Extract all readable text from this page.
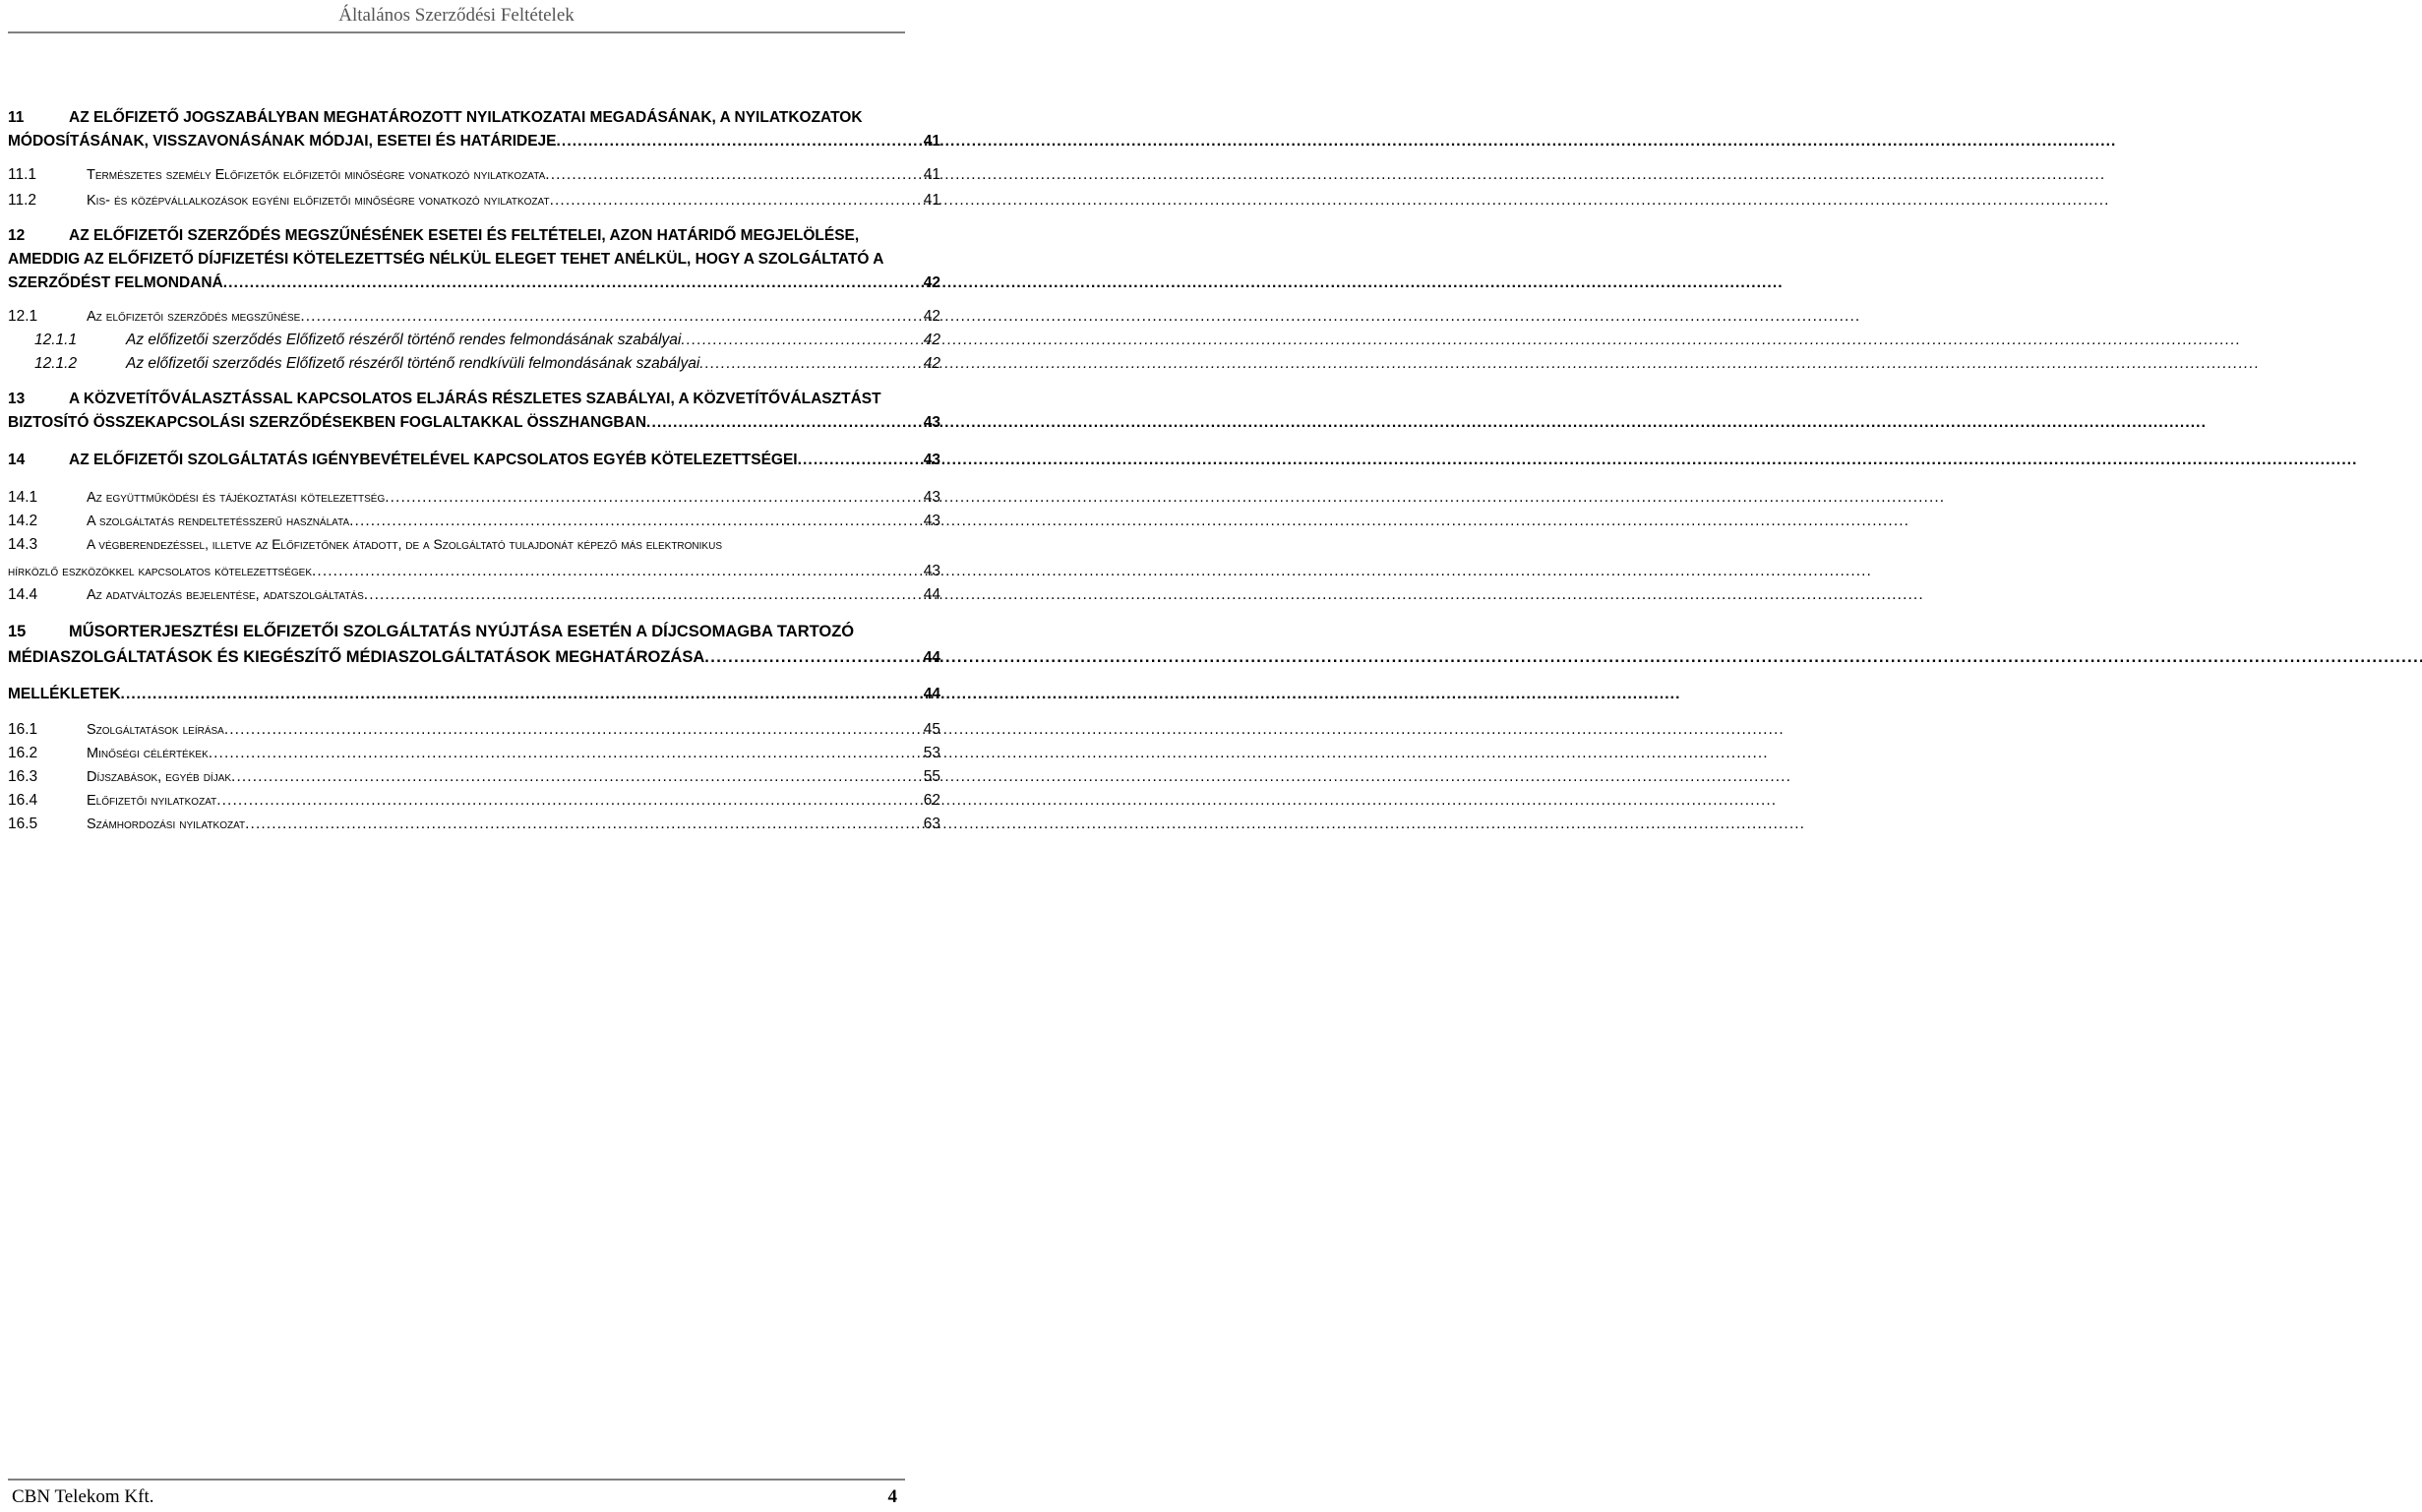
Általános Szerződési Feltételek
11	AZ ELŐFIZETŐ JOGSZABÁLYBAN MEGHATÁROZOTT NYILATKOZATAI MEGADÁSÁNAK, A NYILATKOZATOK
MÓDOSÍTÁSÁNAK, VISSZAVONÁSÁNAK MÓDJAI, ESETEI ÉS HATÁRIDEJE . . .	41
11.1	Természetes személy Előfizetők előfizetői minőségre vonatkozó nyilatkozata . . .	41
11.2	Kis- és középvállalkozások egyéni előfizetői minőségre vonatkozó nyilatkozat . . .	41
12	AZ ELŐFIZETŐI SZERZŐDÉS MEGSZŰNÉSÉNEK ESETEI ÉS FELTÉTELEI, AZON HATÁRIDŐ MEGJELÖLÉSE,
AMEDDIG AZ ELŐFIZETŐ DÍJFIZETÉSI KÖTELEZETTSÉG NÉLKÜL ELEGET TEHET ANÉLKÜL, HOGY A SZOLGÁLTATÓ A
SZERZŐDÉST FELMONDANÁ . . .	42
12.1	Az előfizetői szerződés megszűnése . . .	42
12.1.1	Az előfizetői szerződés Előfizető részéről történő rendes felmondásának szabályai . . .	42
12.1.2	Az előfizetői szerződés Előfizető részéről történő rendkívüli felmondásának szabályai . . .	42
13	A KÖZVETÍTŐVÁLASZTÁSSAL KAPCSOLATOS ELJÁRÁS RÉSZLETES SZABÁLYAI, A KÖZVETÍTŐVÁLASZTÁST
BIZTOSÍTÓ ÖSSZEKAPCSOLÁSI SZERZŐDÉSEKBEN FOGLALTAKKAL ÖSSZHANGBAN . . .	43
14	AZ ELŐFIZETŐI SZOLGÁLTATÁS IGÉNYBEVÉTELÉVEL KAPCSOLATOS EGYÉB KÖTELEZETTSÉGEI . . .	43
14.1	Az együttműködési és tájékoztatási kötelezettség . . .	43
14.2	A szolgáltatás rendeltetésszerű használata . . .	43
14.3	A végberendezéssel, illetve az Előfizetőnek átadott, de a Szolgáltató tulajdonát képező más elektronikus
hírközlő eszközökkel kapcsolatos kötelezettségek . . .	43
14.4	Az adatváltozás bejelentése, adatszolgáltatás . . .	44
15	MŰSORTERJESZTÉSI ELŐFIZETŐI SZOLGÁLTATÁS NYÚJTÁSA ESETÉN A DÍJCSOMAGBA TARTOZÓ
MÉDIASZOLGÁLTATÁSOK ÉS KIEGÉSZÍTŐ MÉDIASZOLGÁLTATÁSOK MEGHATÁROZÁSA . . .	44
MELLÉKLETEK . . .	44
16.1	Szolgáltatások leírása . . .	45
16.2	Minőségi célértékek . . .	53
16.3	Díjszabások, egyéb díjak . . .	55
16.4	Előfizetői nyilatkozat . . .	62
16.5	Számhordozási nyilatkozat . . .	63
CBN Telekom Kft.	4
